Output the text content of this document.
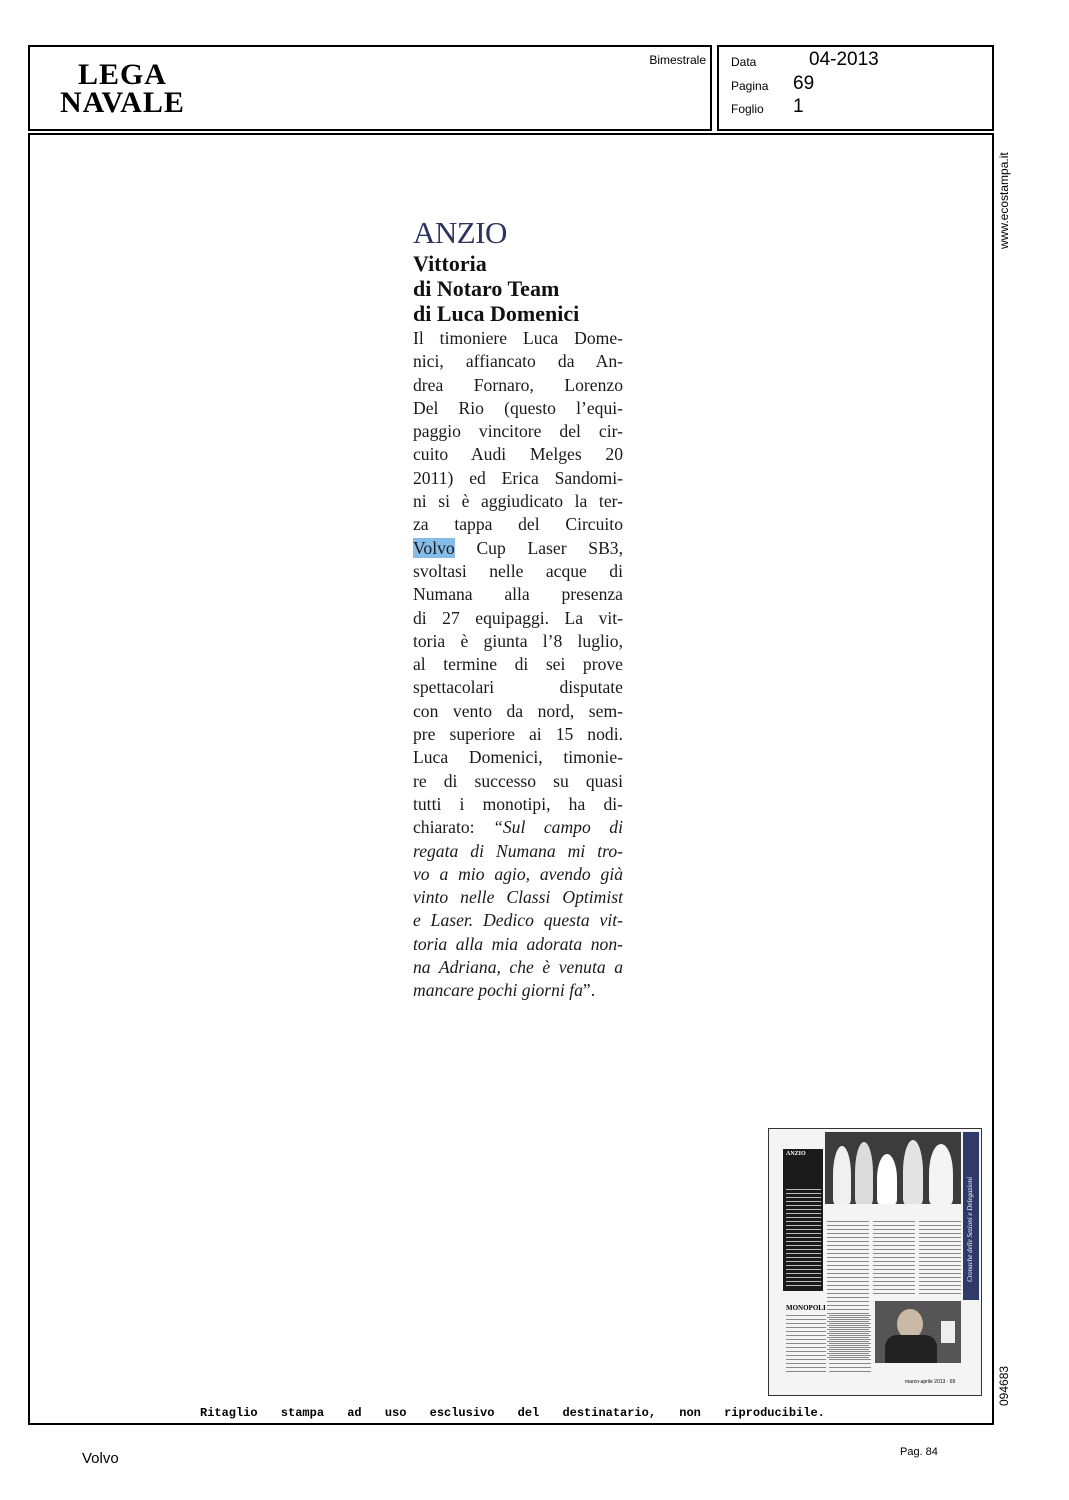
LEGA
NAVALE
Bimestrale Data	04-2013
Pagina 69
Foglio 1
www.ecostampa.it
ANZIO
Vittoria
di Notaro Team
di Luca Domenici
Il timoniere Luca Dome-
nici, affiancato da An-
drea Fornaro, Lorenzo
Del Rio (questo l’equi-
paggio vincitore del cir-
cuito Audi Melges 20
2011) ed Erica Sandomi-
ni si è aggiudicato la ter-
za tappa del Circuito
Volvo Cup Laser SB3,
svoltasi nelle acque di
Numana alla presenza
di 27 equipaggi. La vit-
toria è giunta l’8 luglio,
al termine di sei prove
spettacolari disputate
con vento da nord, sem-
pre superiore ai 15 nodi.
Luca Domenici, timonie-
re di successo su quasi
tutti i monotipi, ha di-
chiarato: “Sul campo di
regata di Numana mi tro-
vo a mio agio, avendo già
vinto nelle Classi Optimist
e Laser. Dedico questa vit-
toria alla mia adorata non-
na Adriana, che è venuta a
mancare pochi giorni fa”.
ANZIO
Cronache delle Sezioni e Delegazioni
MONOPOLI
marzo-aprile 2013 · 69	094683
Ritaglio stampa ad uso esclusivo del destinatario, non riproducibile.
Volvo	Pag. 84
